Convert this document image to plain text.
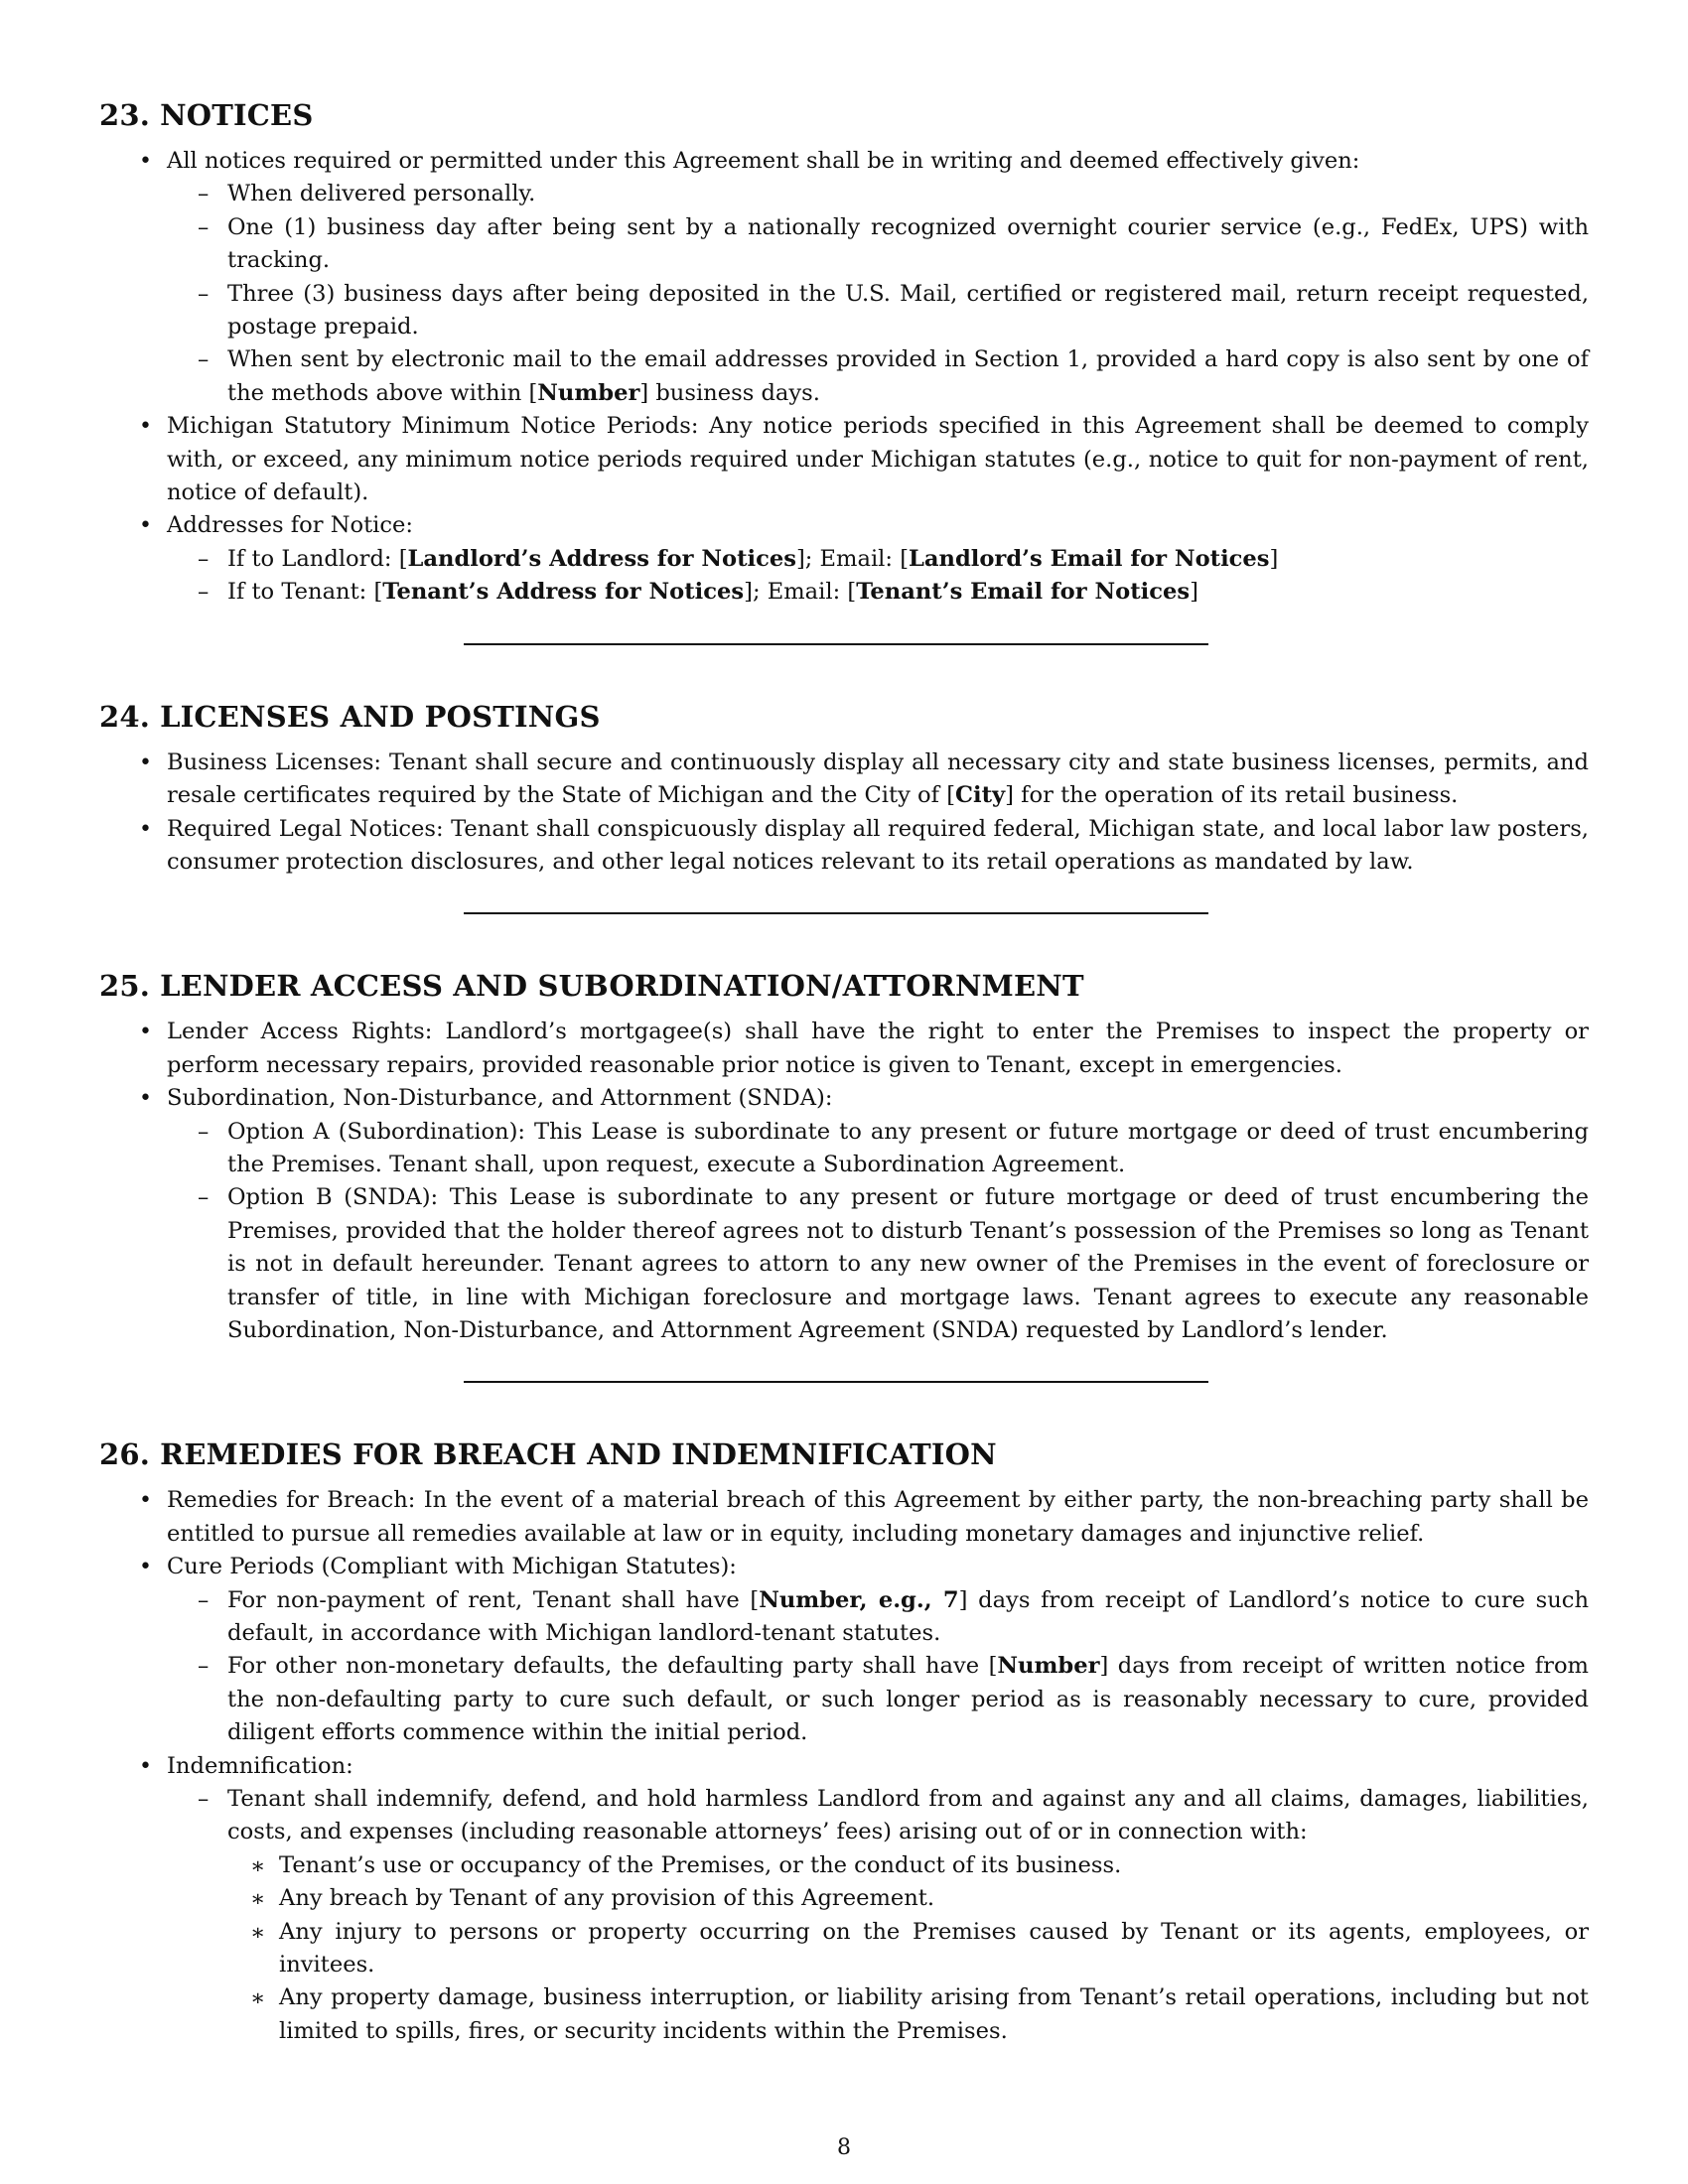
23. NOTICES
• All notices required or permitted under this Agreement shall be in writing and deemed effectively given:
– When delivered personally.
– One (1) business day after being sent by a nationally recognized overnight courier service (e.g., FedEx, UPS) with tracking.
– Three (3) business days after being deposited in the U.S. Mail, certified or registered mail, return receipt requested, postage prepaid.
– When sent by electronic mail to the email addresses provided in Section 1, provided a hard copy is also sent by one of the methods above within [Number] business days.
• Michigan Statutory Minimum Notice Periods: Any notice periods specified in this Agreement shall be deemed to comply with, or exceed, any minimum notice periods required under Michigan statutes (e.g., notice to quit for non-payment of rent, notice of default).
• Addresses for Notice:
– If to Landlord: [Landlord’s Address for Notices]; Email: [Landlord’s Email for Notices]
– If to Tenant: [Tenant’s Address for Notices]; Email: [Tenant’s Email for Notices]
24. LICENSES AND POSTINGS
• Business Licenses: Tenant shall secure and continuously display all necessary city and state business licenses, permits, and resale certificates required by the State of Michigan and the City of [City] for the operation of its retail business.
• Required Legal Notices: Tenant shall conspicuously display all required federal, Michigan state, and local labor law posters, consumer protection disclosures, and other legal notices relevant to its retail operations as mandated by law.
25. LENDER ACCESS AND SUBORDINATION/ATTORNMENT
• Lender Access Rights: Landlord’s mortgagee(s) shall have the right to enter the Premises to inspect the property or perform necessary repairs, provided reasonable prior notice is given to Tenant, except in emergencies.
• Subordination, Non-Disturbance, and Attornment (SNDA):
– Option A (Subordination): This Lease is subordinate to any present or future mortgage or deed of trust encumbering the Premises. Tenant shall, upon request, execute a Subordination Agreement.
– Option B (SNDA): This Lease is subordinate to any present or future mortgage or deed of trust encumbering the Premises, provided that the holder thereof agrees not to disturb Tenant’s possession of the Premises so long as Tenant is not in default hereunder. Tenant agrees to attorn to any new owner of the Premises in the event of foreclosure or transfer of title, in line with Michigan foreclosure and mortgage laws. Tenant agrees to execute any reasonable Subordination, Non-Disturbance, and Attornment Agreement (SNDA) requested by Landlord’s lender.
26. REMEDIES FOR BREACH AND INDEMNIFICATION
• Remedies for Breach: In the event of a material breach of this Agreement by either party, the non-breaching party shall be entitled to pursue all remedies available at law or in equity, including monetary damages and injunctive relief.
• Cure Periods (Compliant with Michigan Statutes):
– For non-payment of rent, Tenant shall have [Number, e.g., 7] days from receipt of Landlord’s notice to cure such default, in accordance with Michigan landlord-tenant statutes.
– For other non-monetary defaults, the defaulting party shall have [Number] days from receipt of written notice from the non-defaulting party to cure such default, or such longer period as is reasonably necessary to cure, provided diligent efforts commence within the initial period.
• Indemnification:
– Tenant shall indemnify, defend, and hold harmless Landlord from and against any and all claims, damages, liabilities, costs, and expenses (including reasonable attorneys’ fees) arising out of or in connection with:
∗ Tenant’s use or occupancy of the Premises, or the conduct of its business.
∗ Any breach by Tenant of any provision of this Agreement.
∗ Any injury to persons or property occurring on the Premises caused by Tenant or its agents, employees, or invitees.
∗ Any property damage, business interruption, or liability arising from Tenant’s retail operations, including but not limited to spills, fires, or security incidents within the Premises.
8
